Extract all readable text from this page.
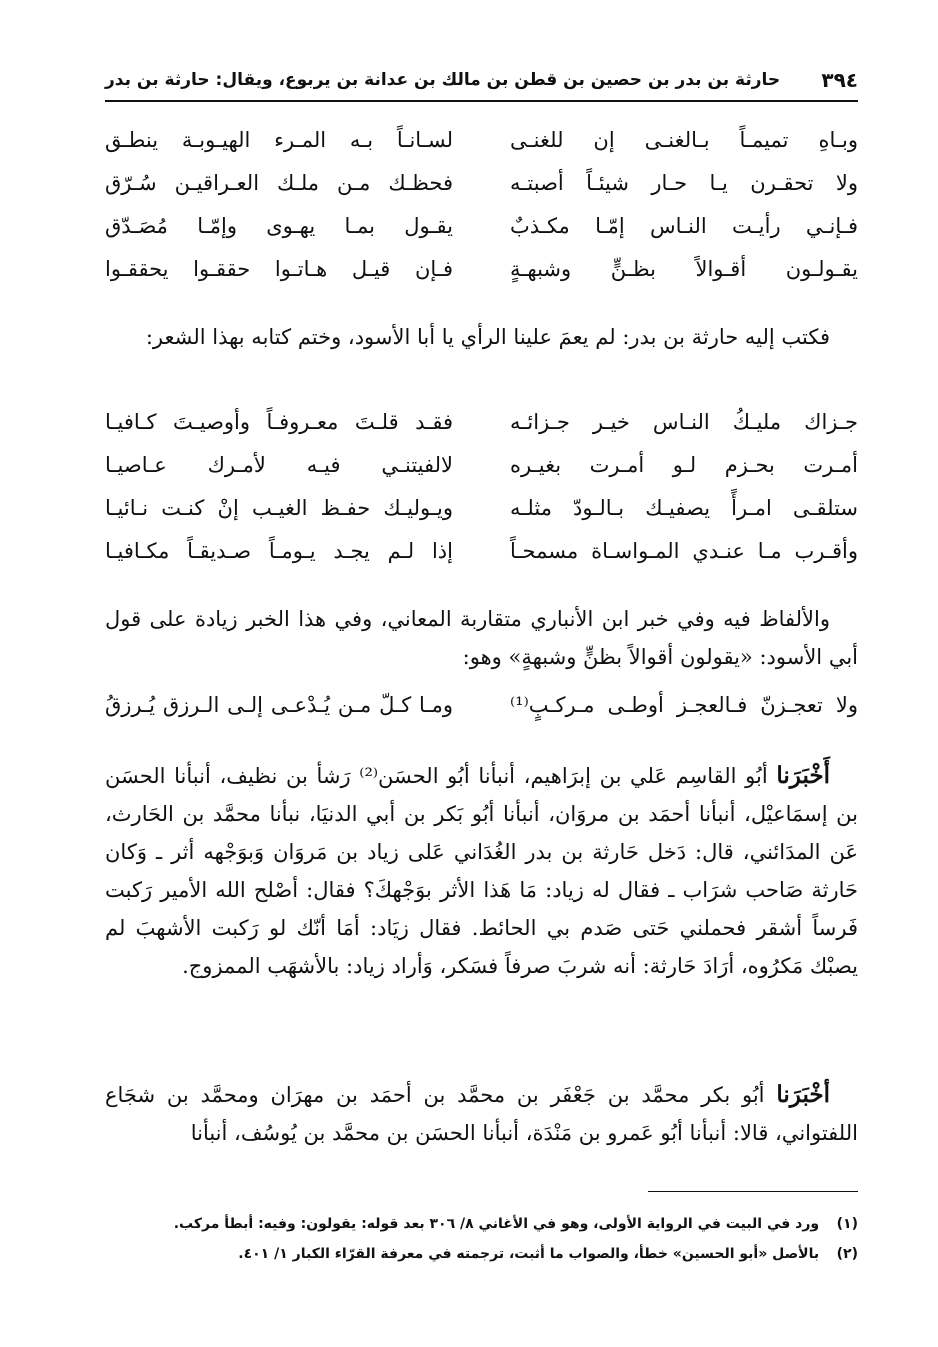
٣٩٤
حارثة بن بدر بن حصين بن قطن بن مالك بن عدانة بن يربوع، ويقال: حارثة بن بدر
وبـاهِ تميمـاً بـالغنـى إن للغنـى
لسـانـاً بـه المـرء الهيـوبـة ينطـق
ولا تحقـرن يـا حـار شيئـاً أصبتـه
فحظـك مـن ملـك العـراقيـن سُـرّق
فـإنـي رأيـت النـاس إمّـا مكـذبٌ
يقـول بمـا يهـوى وإمّـا مُصَـدّق
يقـولـون أقـوالاً بظـنٍّ وشبهـةٍ
فـإن قيـل هـاتـوا حققـوا يحققـوا

فكتب إليه حارثة بن بدر: لم يعمَ علينا الرأي يا أبا الأسود، وختم كتابه بهذا الشعر:

جـزاك مليـكُ النـاس خيـر جـزائـه
فقـد قلـتَ معـروفـاً وأوصيـتَ كـافيـا
أمـرت بحـزم لـو أمـرت بغيـره
لالفيتنـي فيـه لأمـرك عـاصيـا
ستلقـى امـرأً يصفيـك بـالـودّ مثلـه
ويـوليـك حفـظ الغيـب إنْ كنـت نـائيـا
وأقـرب مـا عنـدي المـواسـاة مسمحـاً
إذا لـم يجـد يـومـاً صـديقـاً مكـافيـا

والألفاظ فيه وفي خبر ابن الأنباري متقاربة المعاني، وفي هذا الخبر زيادة على قول أبي الأسود: «يقولون أقوالاً بظنٍّ وشبهةٍ» وهو:

ولا تعجـزنّ فـالعجـز أوطـى مـركـبٍ⁽¹⁾
ومـا كـلّ مـن يُـدْعـى إلـى الـرزق يُـرزقُ

أَخْبَرَنا أبُو القاسِم عَلي بن إبرَاهيم، أنبأنا أبُو الحسَن⁽²⁾ رَشأ بن نظيف، أنبأنا الحسَن بن إسمَاعيْل، أنبأنا أحمَد بن مروَان، أنبأنا أبُو بَكر بن أبي الدنيَا، نبأنا محمَّد بن الحَارث، عَن المدَائني، قال: دَخل حَارثة بن بدر الغُدَاني عَلى زياد بن مَروَان وَبوَجْهه أثر ـ وَكان حَارثة صَاحب شرَاب ـ فقال له زياد: مَا هَذا الأثر بوَجْهكَ؟ فقال: أصْلح الله الأمير رَكبت فَرساً أشقر فحملني حَتى صَدم بي الحائط. فقال زيَاد: أمَا أنّك لو رَكبت الأشهبَ لم يصبْك مَكرُوه، أرَادَ حَارثة: أنه شربَ صرفاً فسَكر، وَأراد زياد: بالأشهَب الممزوج.

أخْبَرَنا أبُو بكر محمَّد بن جَعْفَر بن محمَّد بن أحمَد بن مهرَان ومحمَّد بن شجَاع اللفتواني، قالا: أنبأنا أبُو عَمرو بن مَنْدَة، أنبأنا الحسَن بن محمَّد بن يُوسُف، أنبأنا

(١) ورد في البيت في الرواية الأولى، وهو في الأغاني ٨/ ٣٠٦ بعد قوله: يقولون: وفيه: أبطأ مركب.
(٢) بالأصل «أبو الحسين» خطأ، والصواب ما أثبت، ترجمته في معرفة القرّاء الكبار ١/ ٤٠١.
